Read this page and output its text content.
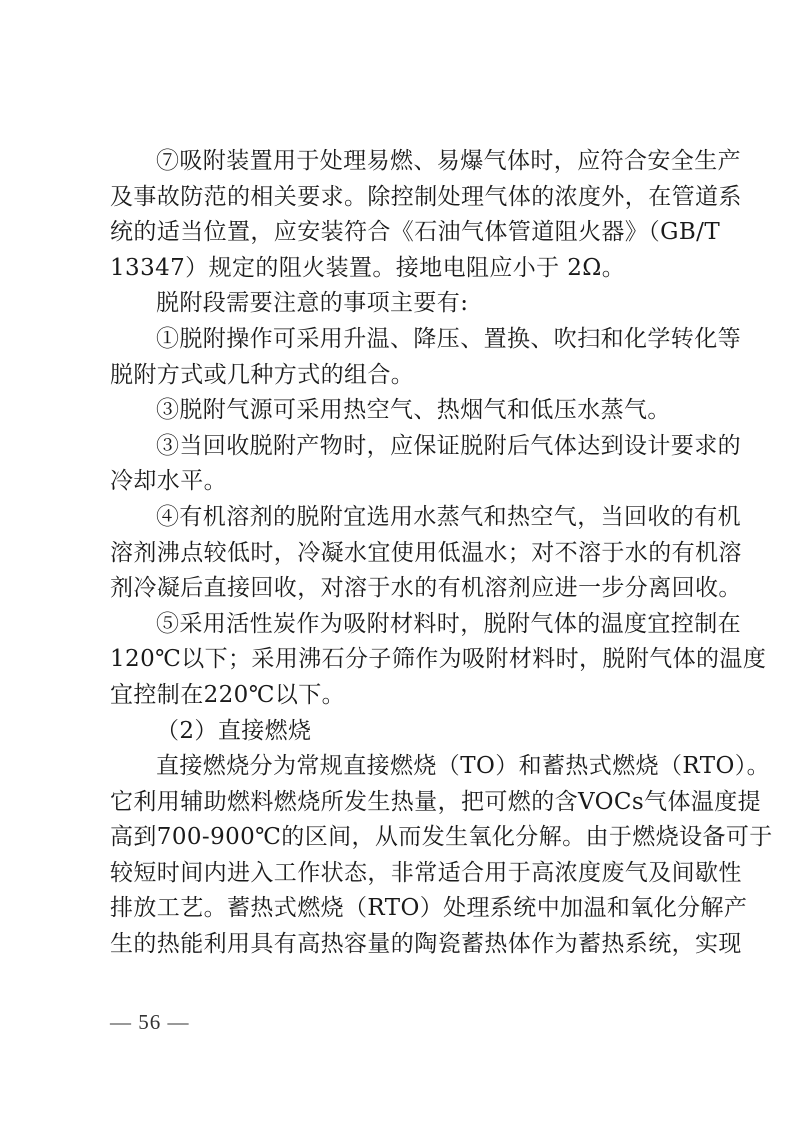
⑦吸附装置用于处理易燃、易爆气体时，应符合安全生产
及事故防范的相关要求。除控制处理气体的浓度外，在管道系
统的适当位置，应安装符合《石油气体管道阻火器》（GB/T
13347）规定的阻火装置。接地电阻应小于 2Ω。

脱附段需要注意的事项主要有:

①脱附操作可采用升温、降压、置换、吹扫和化学转化等
脱附方式或几种方式的组合。

③脱附气源可采用热空气、热烟气和低压水蒸气。

③当回收脱附产物时，应保证脱附后气体达到设计要求的
冷却水平。

④有机溶剂的脱附宜选用水蒸气和热空气，当回收的有机
溶剂沸点较低时，冷凝水宜使用低温水；对不溶于水的有机溶
剂冷凝后直接回收，对溶于水的有机溶剂应进一步分离回收。

⑤采用活性炭作为吸附材料时，脱附气体的温度宜控制在
120℃以下；采用沸石分子筛作为吸附材料时，脱附气体的温度
宜控制在220℃以下。

（2）直接燃烧

直接燃烧分为常规直接燃烧（TO）和蓄热式燃烧（RTO）。
它利用辅助燃料燃烧所发生热量，把可燃的含VOCs气体温度提
高到700-900℃的区间，从而发生氧化分解。由于燃烧设备可于
较短时间内进入工作状态，非常适合用于高浓度废气及间歇性
排放工艺。蓄热式燃烧（RTO）处理系统中加温和氧化分解产
生的热能利用具有高热容量的陶瓷蓄热体作为蓄热系统，实现

— 56 —
